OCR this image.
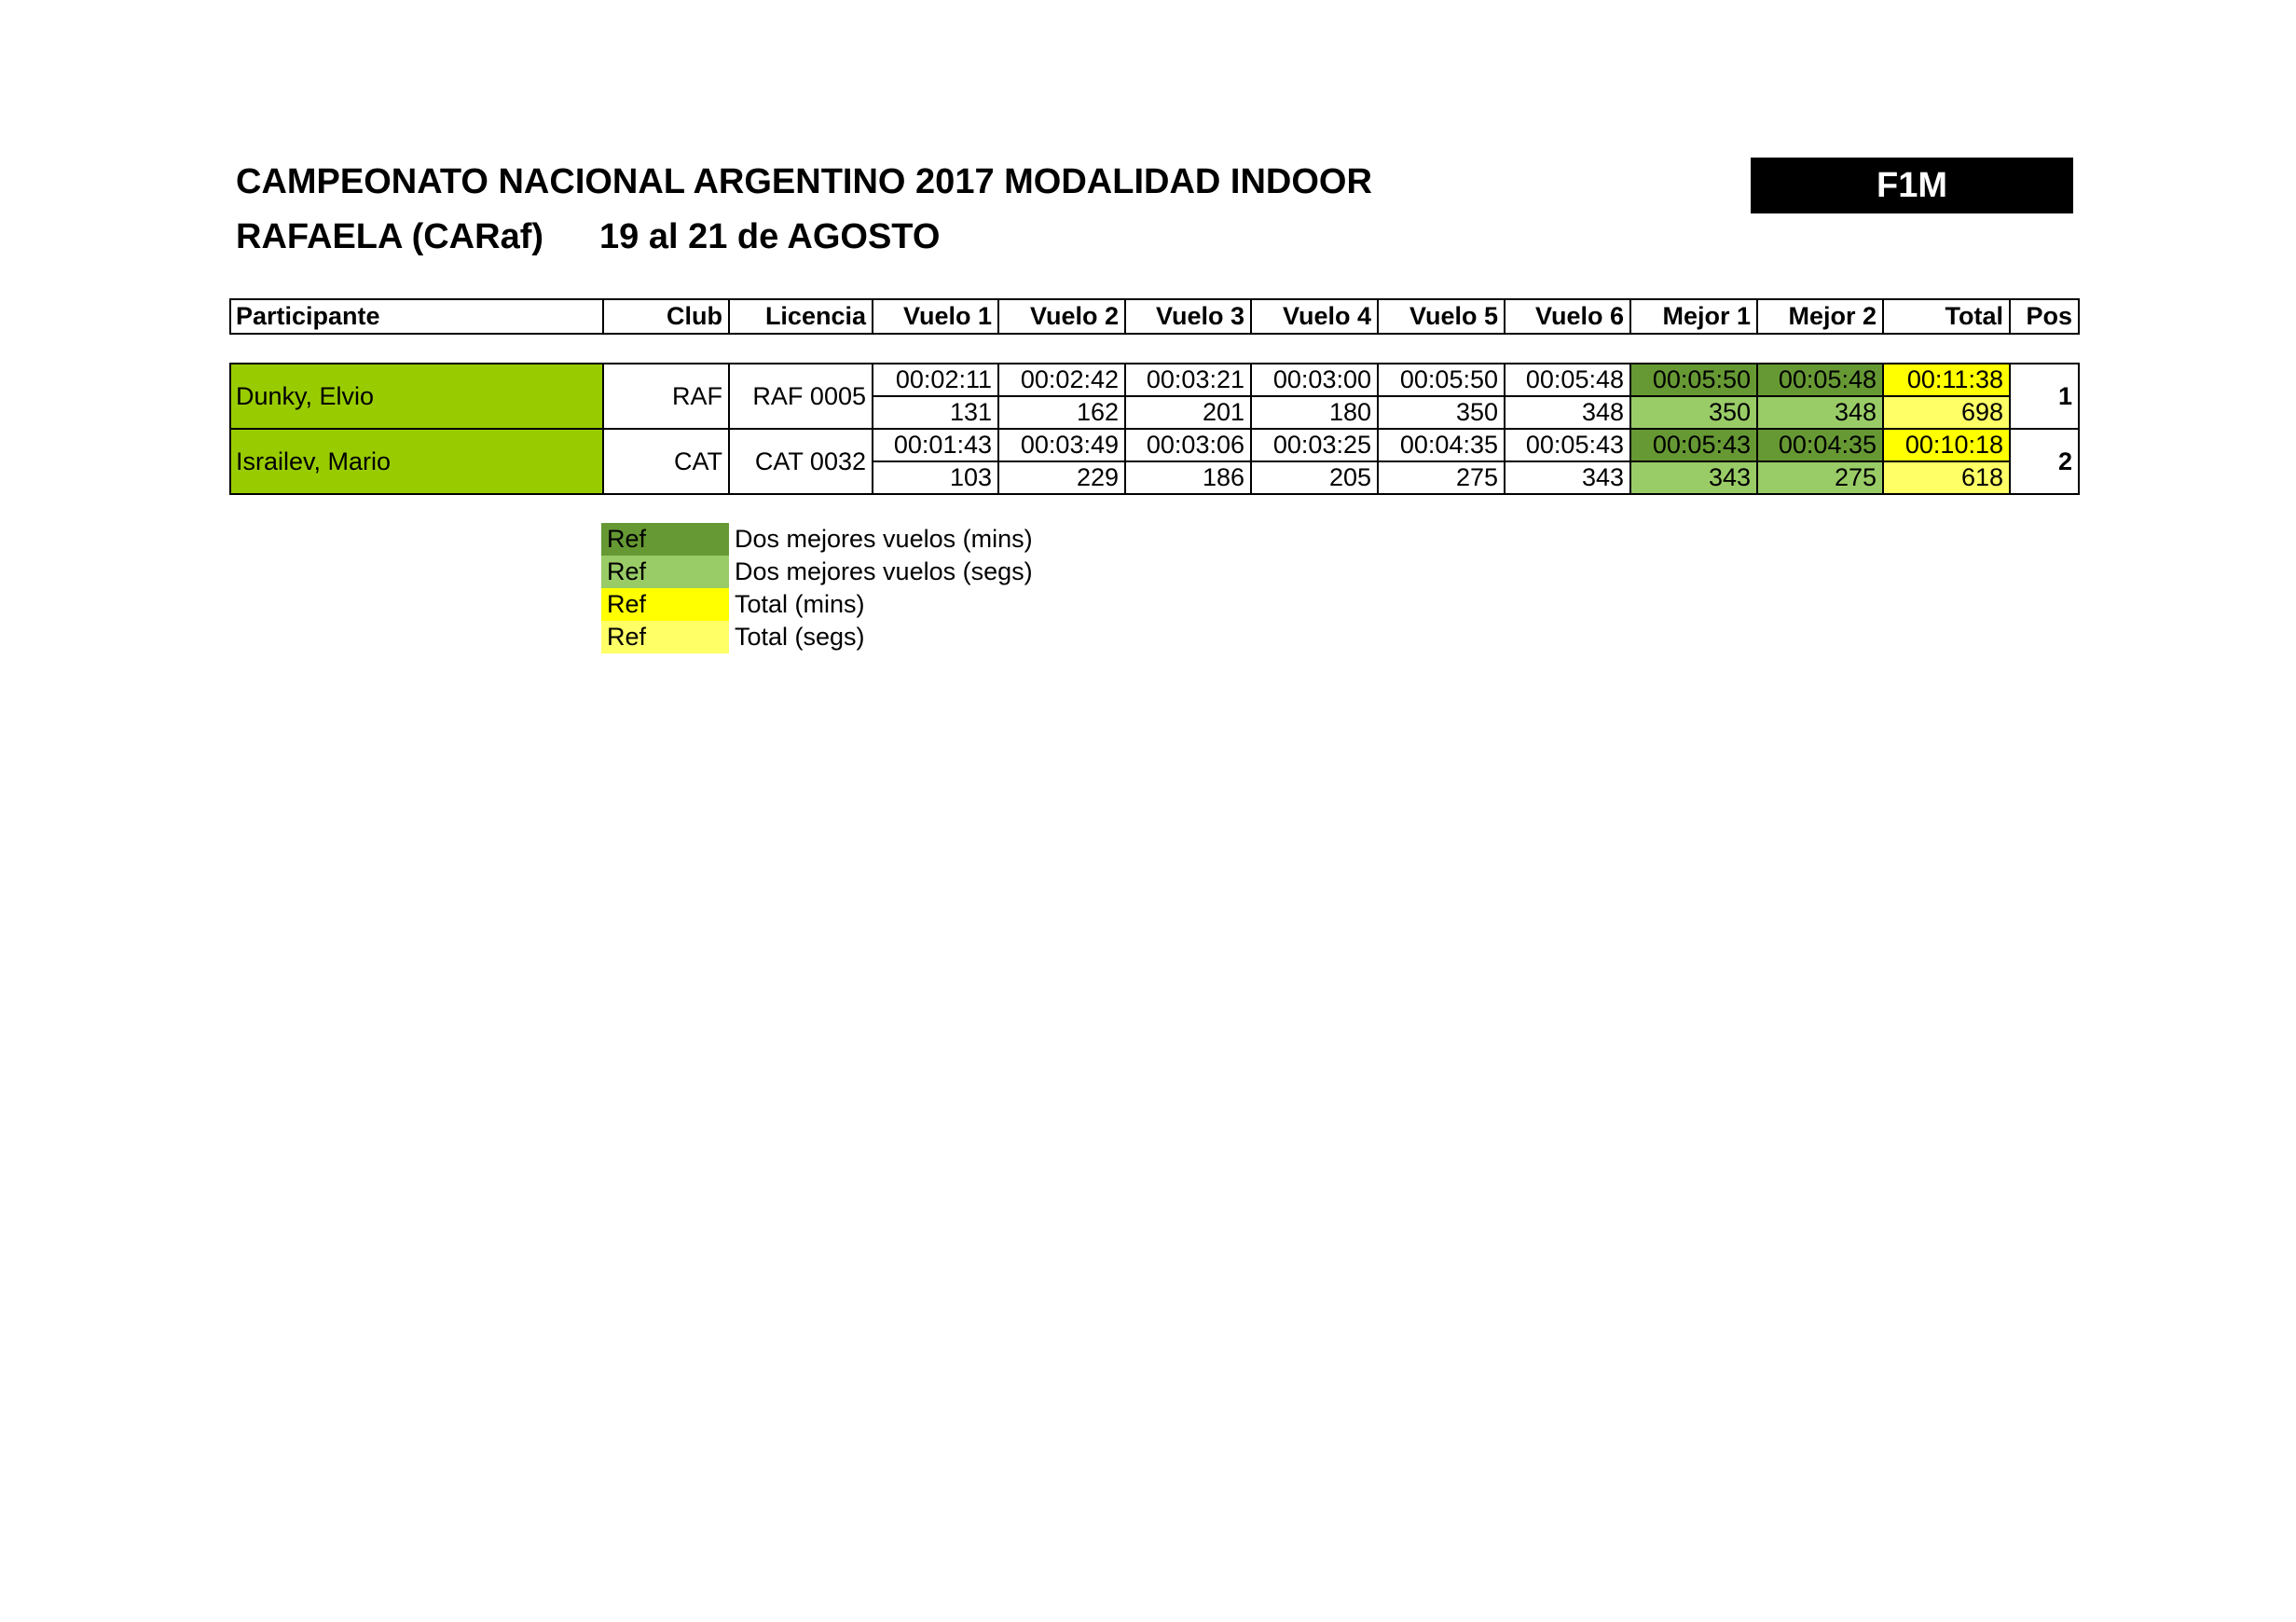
CAMPEONATO NACIONAL ARGENTINO 2017 MODALIDAD INDOOR
RAFAELA (CARaf) 19 al 21 de AGOSTO
F1M
Participante	Club	Licencia	Vuelo 1	Vuelo 2	Vuelo 3	Vuelo 4	Vuelo 5	Vuelo 6	Mejor 1	Mejor 2	Total	Pos
Dunky, Elvio	RAF	RAF 0005	00:02:11	00:02:42	00:03:21	00:03:00	00:05:50	00:05:48	00:05:50	00:05:48	00:11:38	1
			131	162	201	180	350	348	350	348	698	
Israilev, Mario	CAT	CAT 0032	00:01:43	00:03:49	00:03:06	00:03:25	00:04:35	00:05:43	00:05:43	00:04:35	00:10:18	2
			103	229	186	205	275	343	343	275	618	
Ref	Dos mejores vuelos (mins)
Ref	Dos mejores vuelos (segs)
Ref	Total (mins)
Ref	Total (segs)
